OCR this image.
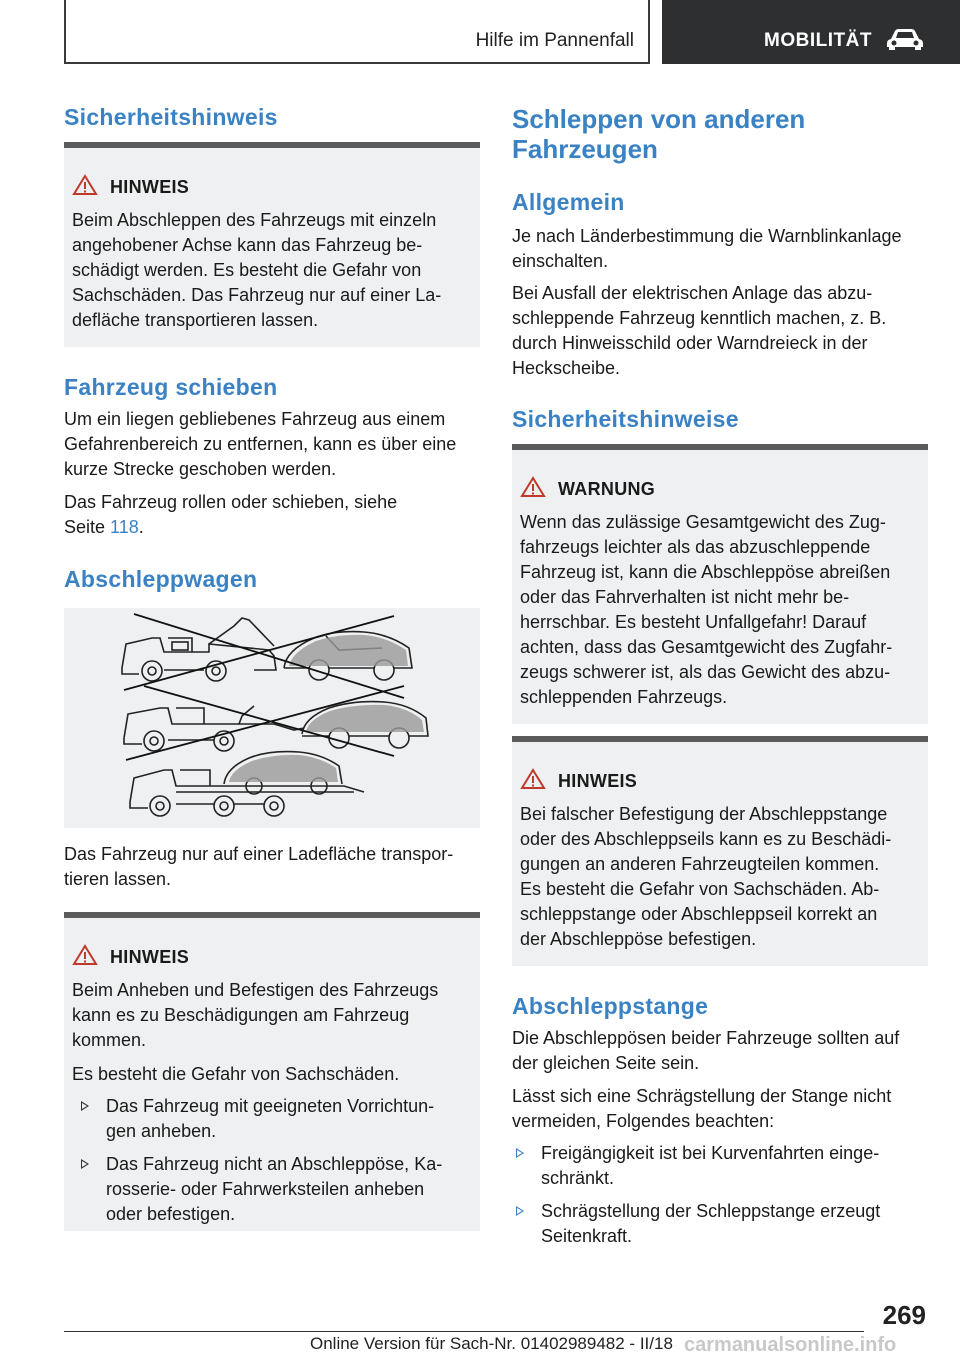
Hilfe im Pannenfall	MOBILITÄT
Sicherheitshinweis
HINWEIS

Beim Abschleppen des Fahrzeugs mit einzeln
angehobener Achse kann das Fahrzeug be‐
schädigt werden. Es besteht die Gefahr von
Sachschäden. Das Fahrzeug nur auf einer La‐
defläche transportieren lassen.

Fahrzeug schieben

Um ein liegen gebliebenes Fahrzeug aus einem
Gefahrenbereich zu entfernen, kann es über eine
kurze Strecke geschoben werden.

Das Fahrzeug rollen oder schieben, siehe
Seite 118.

Abschleppwagen

Das Fahrzeug nur auf einer Ladefläche transpor‐
tieren lassen.

HINWEIS

Beim Anheben und Befestigen des Fahrzeugs
kann es zu Beschädigungen am Fahrzeug
kommen.

Es besteht die Gefahr von Sachschäden.

Das Fahrzeug mit geeigneten Vorrichtun‐
gen anheben.

Das Fahrzeug nicht an Abschleppöse, Ka‐
rosserie- oder Fahrwerksteilen anheben
oder befestigen.

Schleppen von anderen
Fahrzeugen
Allgemein

Je nach Länderbestimmung die Warnblinkanlage
einschalten.

Bei Ausfall der elektrischen Anlage das abzu‐
schleppende Fahrzeug kenntlich machen, z. B.
durch Hinweisschild oder Warndreieck in der
Heckscheibe.

Sicherheitshinweise
WARNUNG

Wenn das zulässige Gesamtgewicht des Zug‐
fahrzeugs leichter als das abzuschleppende
Fahrzeug ist, kann die Abschleppöse abreißen
oder das Fahrverhalten ist nicht mehr be‐
herrschbar. Es besteht Unfallgefahr! Darauf
achten, dass das Gesamtgewicht des Zugfahr‐
zeugs schwerer ist, als das Gewicht des abzu‐
schleppenden Fahrzeugs.

HINWEIS

Bei falscher Befestigung der Abschleppstange
oder des Abschleppseils kann es zu Beschädi‐
gungen an anderen Fahrzeugteilen kommen.
Es besteht die Gefahr von Sachschäden. Ab‐
schleppstange oder Abschleppseil korrekt an
der Abschleppöse befestigen.

Abschleppstange

Die Abschleppösen beider Fahrzeuge sollten auf
der gleichen Seite sein.

Lässt sich eine Schrägstellung der Stange nicht
vermeiden, Folgendes beachten:

Freigängigkeit ist bei Kurvenfahrten einge‐
schränkt.

Schrägstellung der Schleppstange erzeugt
Seitenkraft.

269
Online Version für Sach-Nr. 01402989482 - II/18 carmanualsonline.info
